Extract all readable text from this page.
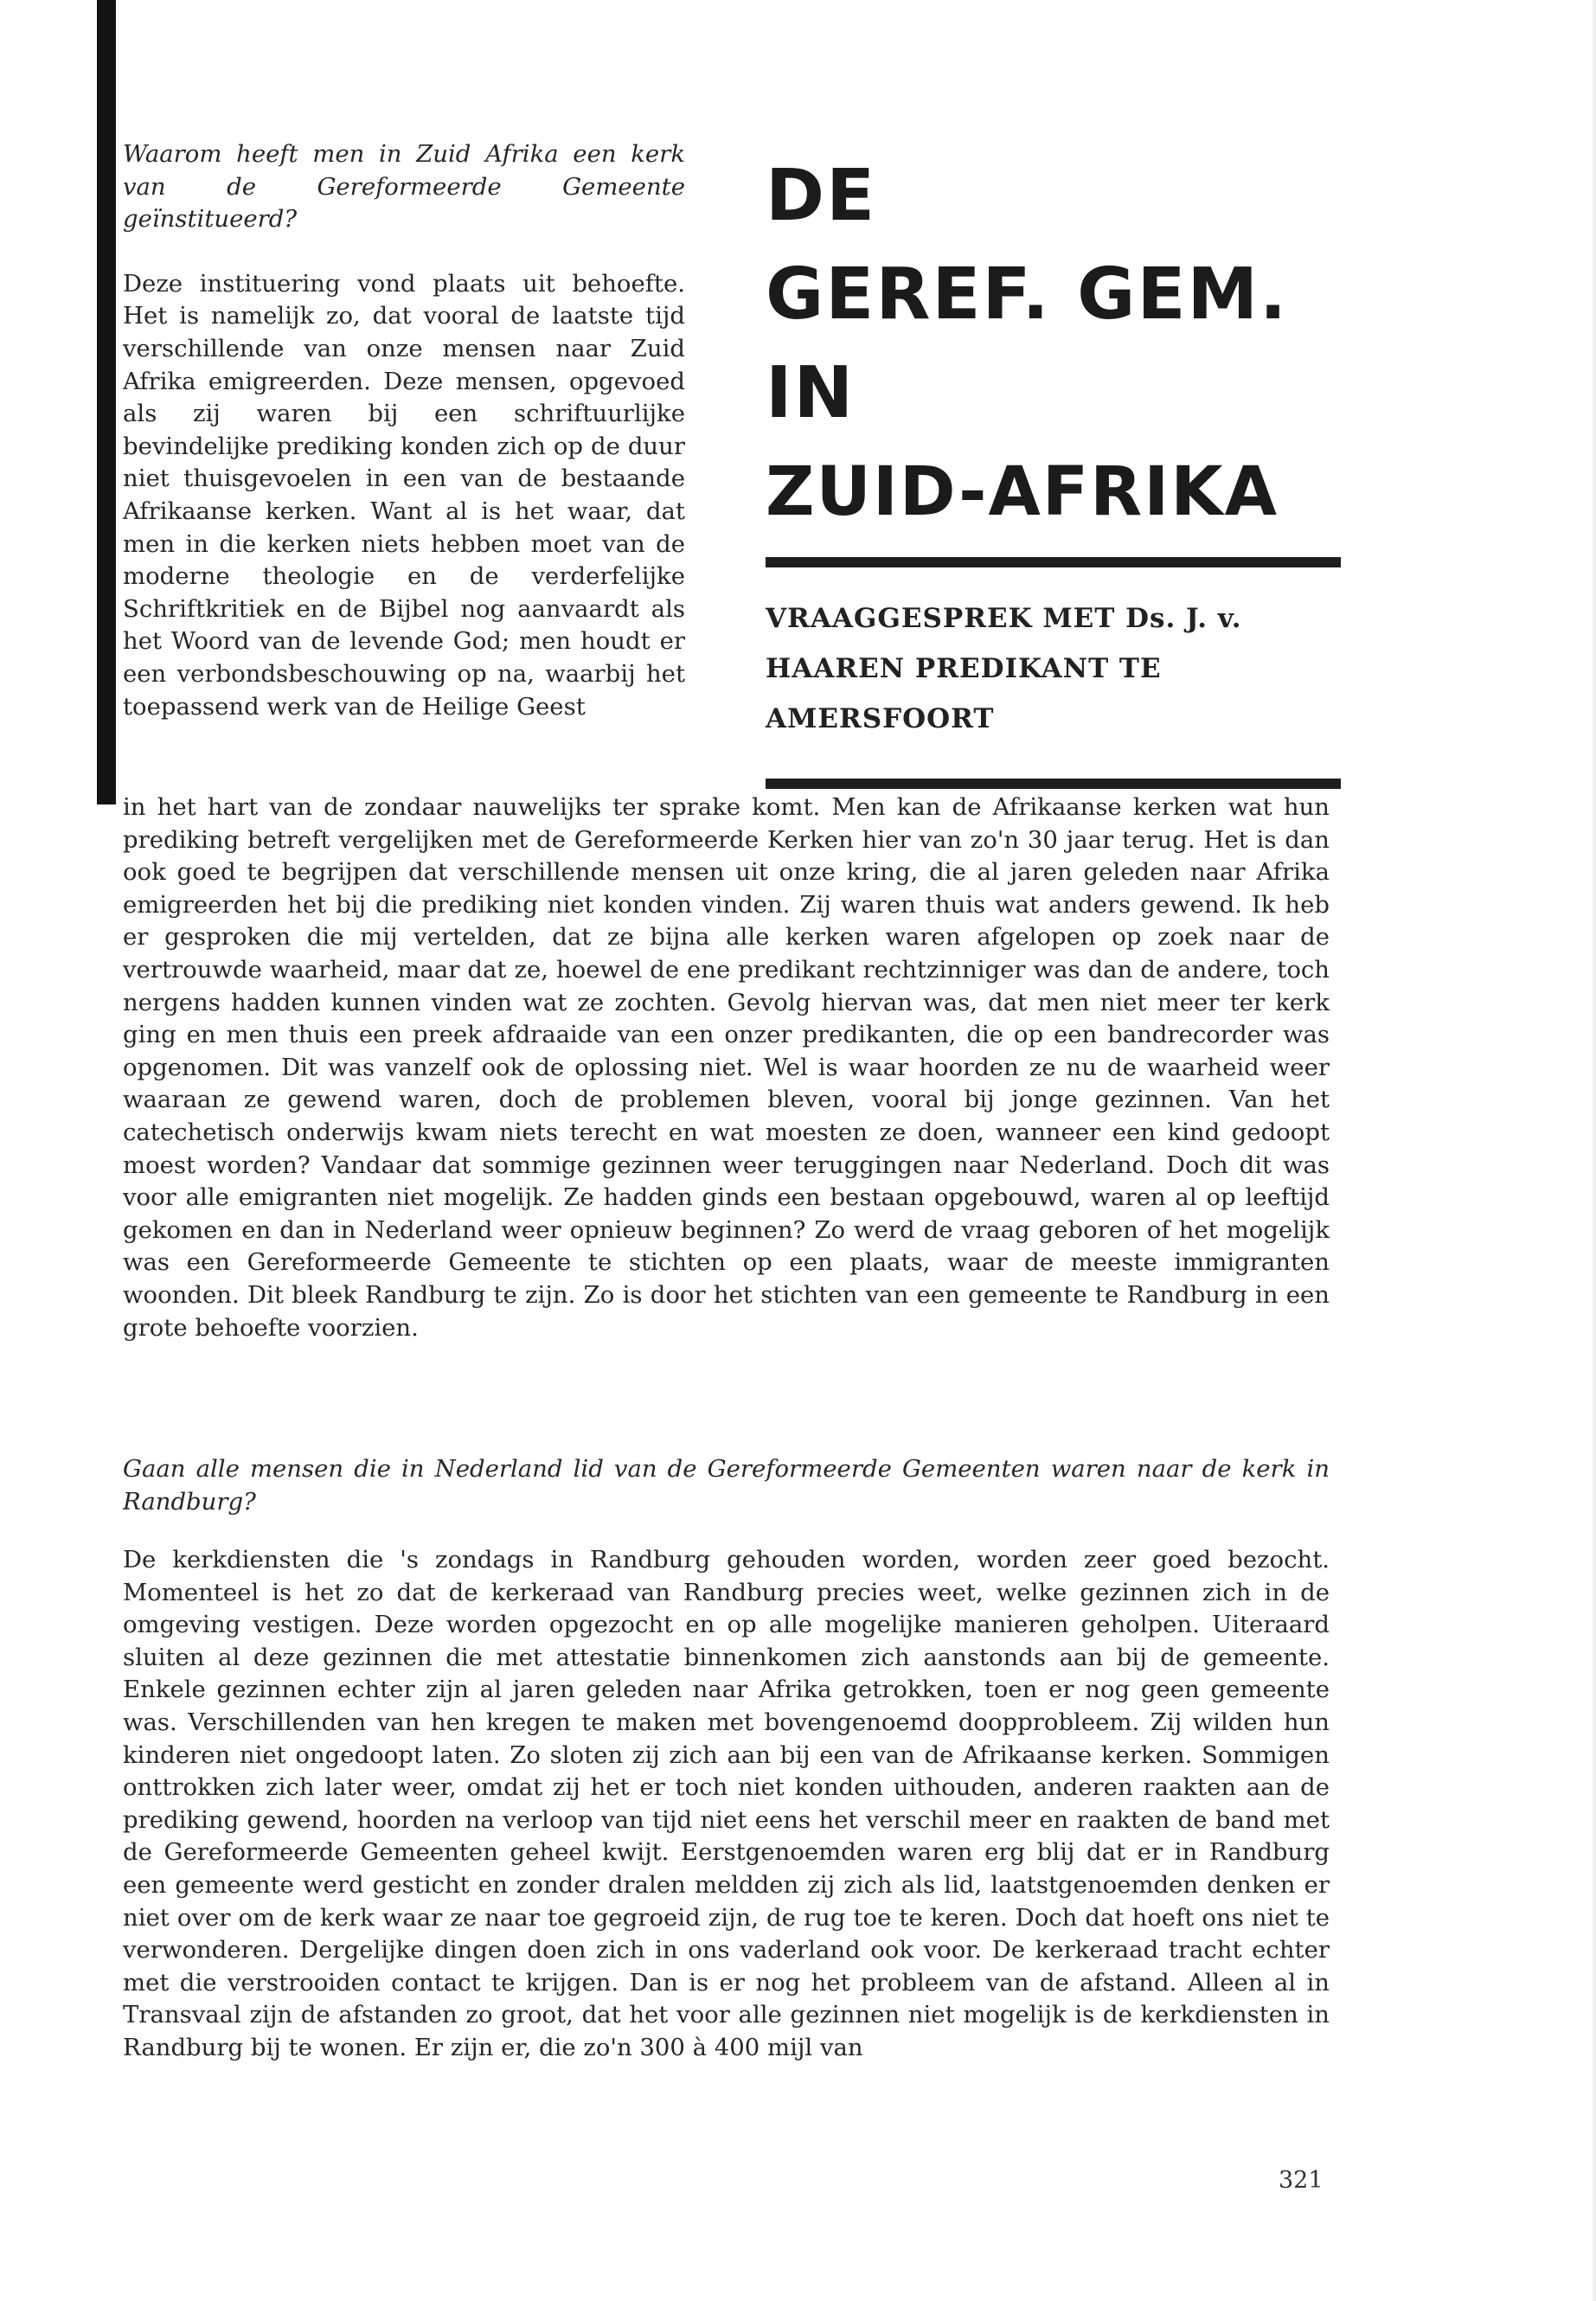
Waarom heeft men in Zuid Afrika een kerk van de Gereformeerde Gemeente geïnstitueerd?

Deze instituering vond plaats uit behoefte. Het is namelijk zo, dat vooral de laatste tijd verschillende van onze mensen naar Zuid Afrika emigreerden. Deze mensen, opgevoed als zij waren bij een schriftuurlijke bevindelijke prediking konden zich op de duur niet thuisgevoelen in een van de bestaande Afrikaanse kerken. Want al is het waar, dat men in die kerken niets hebben moet van de moderne theologie en de verderfelijke Schriftkritiek en de Bijbel nog aanvaardt als het Woord van de levende God; men houdt er een verbondsbeschouwing op na, waarbij het toepassend werk van de Heilige Geest

DE

GEREF. GEM.

IN

ZUID-AFRIKA

VRAAGGESPREK MET Ds. J. v. HAAREN PREDIKANT TE AMERSFOORT

in het hart van de zondaar nauwelijks ter sprake komt. Men kan de Afrikaanse kerken wat hun prediking betreft vergelijken met de Gereformeerde Kerken hier van zo'n 30 jaar terug. Het is dan ook goed te begrijpen dat verschillende mensen uit onze kring, die al jaren geleden naar Afrika emigreerden het bij die prediking niet konden vinden. Zij waren thuis wat anders gewend. Ik heb er gesproken die mij vertelden, dat ze bijna alle kerken waren afgelopen op zoek naar de vertrouwde waarheid, maar dat ze, hoewel de ene predikant rechtzinniger was dan de andere, toch nergens hadden kunnen vinden wat ze zochten. Gevolg hiervan was, dat men niet meer ter kerk ging en men thuis een preek afdraaide van een onzer predikanten, die op een bandrecorder was opgenomen. Dit was vanzelf ook de oplossing niet. Wel is waar hoorden ze nu de waarheid weer waaraan ze gewend waren, doch de problemen bleven, vooral bij jonge gezinnen. Van het catechetisch onderwijs kwam niets terecht en wat moesten ze doen, wanneer een kind gedoopt moest worden? Vandaar dat sommige gezinnen weer teruggingen naar Nederland. Doch dit was voor alle emigranten niet mogelijk. Ze hadden ginds een bestaan opgebouwd, waren al op leeftijd gekomen en dan in Nederland weer opnieuw beginnen? Zo werd de vraag geboren of het mogelijk was een Gereformeerde Gemeente te stichten op een plaats, waar de meeste immigranten woonden. Dit bleek Randburg te zijn. Zo is door het stichten van een gemeente te Randburg in een grote behoefte voorzien.

Gaan alle mensen die in Nederland lid van de Gereformeerde Gemeenten waren naar de kerk in Randburg?

De kerkdiensten die 's zondags in Randburg gehouden worden, worden zeer goed bezocht. Momenteel is het zo dat de kerkeraad van Randburg precies weet, welke gezinnen zich in de omgeving vestigen. Deze worden opgezocht en op alle mogelijke manieren geholpen. Uiteraard sluiten al deze gezinnen die met attestatie binnenkomen zich aanstonds aan bij de gemeente. Enkele gezinnen echter zijn al jaren geleden naar Afrika getrokken, toen er nog geen gemeente was. Verschillenden van hen kregen te maken met bovengenoemd doopprobleem. Zij wilden hun kinderen niet ongedoopt laten. Zo sloten zij zich aan bij een van de Afrikaanse kerken. Sommigen onttrokken zich later weer, omdat zij het er toch niet konden uithouden, anderen raakten aan de prediking gewend, hoorden na verloop van tijd niet eens het verschil meer en raakten de band met de Gereformeerde Gemeenten geheel kwijt. Eerstgenoemden waren erg blij dat er in Randburg een gemeente werd gesticht en zonder dralen meldden zij zich als lid, laatstgenoemden denken er niet over om de kerk waar ze naar toe gegroeid zijn, de rug toe te keren. Doch dat hoeft ons niet te verwonderen. Dergelijke dingen doen zich in ons vaderland ook voor. De kerkeraad tracht echter met die verstrooiden contact te krijgen. Dan is er nog het probleem van de afstand. Alleen al in Transvaal zijn de afstanden zo groot, dat het voor alle gezinnen niet mogelijk is de kerkdiensten in Randburg bij te wonen. Er zijn er, die zo'n 300 à 400 mijl van

321
